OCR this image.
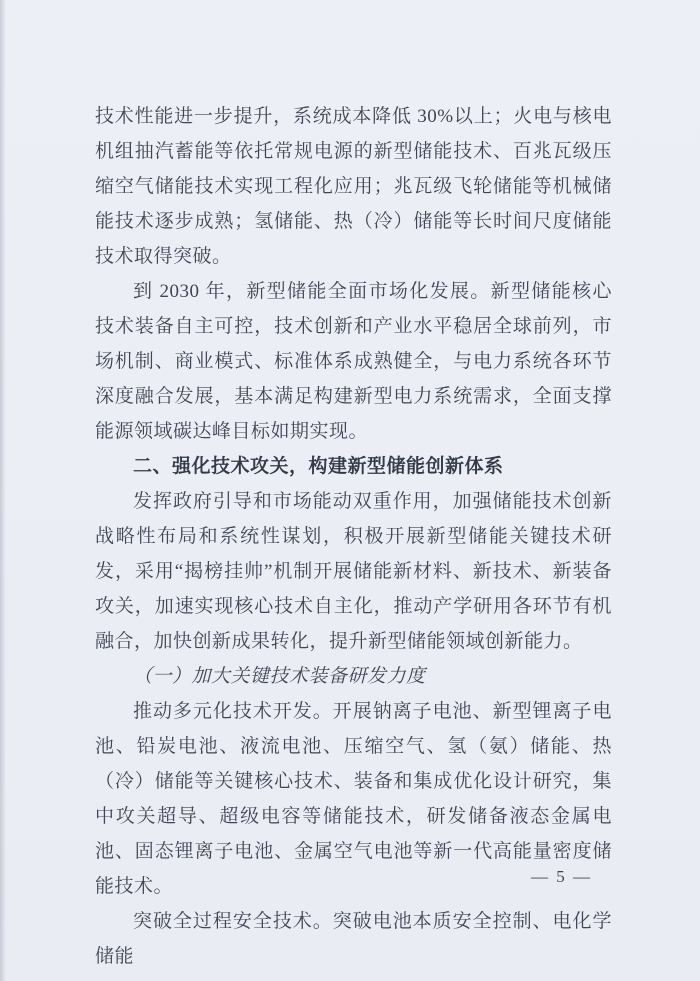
技术性能进一步提升，系统成本降低 30%以上；火电与核电机组抽汽蓄能等依托常规电源的新型储能技术、百兆瓦级压缩空气储能技术实现工程化应用；兆瓦级飞轮储能等机械储能技术逐步成熟；氢储能、热（冷）储能等长时间尺度储能技术取得突破。

到 2030 年，新型储能全面市场化发展。新型储能核心技术装备自主可控，技术创新和产业水平稳居全球前列，市场机制、商业模式、标准体系成熟健全，与电力系统各环节深度融合发展，基本满足构建新型电力系统需求，全面支撑能源领域碳达峰目标如期实现。

二、强化技术攻关，构建新型储能创新体系

发挥政府引导和市场能动双重作用，加强储能技术创新战略性布局和系统性谋划，积极开展新型储能关键技术研发，采用“揭榜挂帅”机制开展储能新材料、新技术、新装备攻关，加速实现核心技术自主化，推动产学研用各环节有机融合，加快创新成果转化，提升新型储能领域创新能力。

（一）加大关键技术装备研发力度

推动多元化技术开发。开展钠离子电池、新型锂离子电池、铅炭电池、液流电池、压缩空气、氢（氨）储能、热（冷）储能等关键核心技术、装备和集成优化设计研究，集中攻关超导、超级电容等储能技术，研发储备液态金属电池、固态锂离子电池、金属空气电池等新一代高能量密度储能技术。

突破全过程安全技术。突破电池本质安全控制、电化学储能

— 5 —
